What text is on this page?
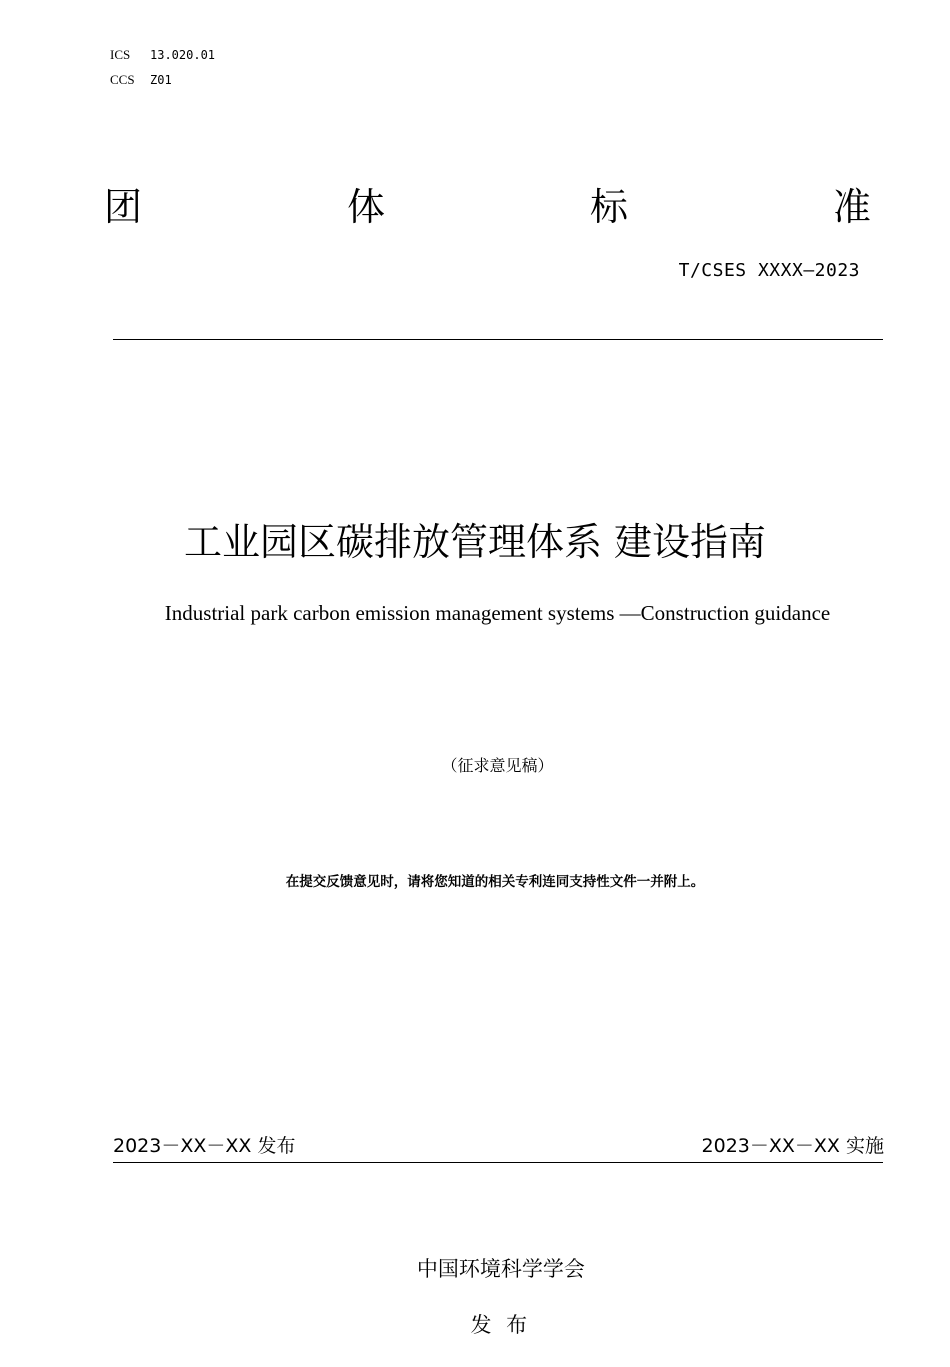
ICS	13.020.01
CCS	Z01
团	体	标	准
T/CSES XXXX—2023
工业园区碳排放管理体系 建设指南
Industrial park carbon emission management systems —Construction guidance
（征求意见稿）
在提交反馈意见时，请将您知道的相关专利连同支持性文件一并附上。
2023－XX－XX 发布	2023－XX－XX 实施

中国环境科学学会

发 布
